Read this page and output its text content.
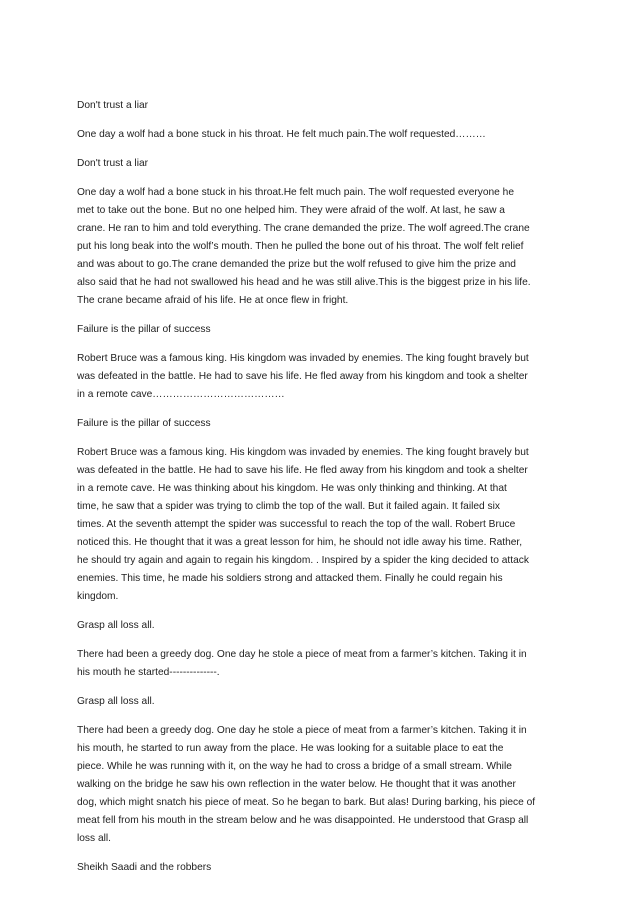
Don't trust a liar
One day a wolf had a bone stuck in his throat. He felt much pain.The wolf requested………
Don't trust a liar
One day a wolf had a bone stuck in his throat.He felt much pain. The wolf requested everyone he
met to take out the bone. But no one helped him. They were afraid of the wolf. At last, he saw a
crane. He ran to him and told everything. The crane demanded the prize. The wolf agreed.The crane
put his long beak into the wolf’s mouth. Then he pulled the bone out of his throat. The wolf felt relief
and was about to go.The crane demanded the prize but the wolf refused to give him the prize and
also said that he had not swallowed his head and he was still alive.This is the biggest prize in his life.
The crane became afraid of his life. He at once flew in fright.
Failure is the pillar of success
Robert Bruce was a famous king. His kingdom was invaded by enemies. The king fought bravely but
was defeated in the battle. He had to save his life. He fled away from his kingdom and took a shelter
in a remote cave…………………………………
Failure is the pillar of success
Robert Bruce was a famous king. His kingdom was invaded by enemies. The king fought bravely but
was defeated in the battle. He had to save his life. He fled away from his kingdom and took a shelter
in a remote cave. He was thinking about his kingdom. He was only thinking and thinking. At that
time, he saw that a spider was trying to climb the top of the wall. But it failed again. It failed six
times. At the seventh attempt the spider was successful to reach the top of the wall. Robert Bruce
noticed this. He thought that it was a great lesson for him, he should not idle away his time. Rather,
he should try again and again to regain his kingdom. . Inspired by a spider the king decided to attack
enemies. This time, he made his soldiers strong and attacked them. Finally he could regain his
kingdom.
Grasp all loss all.
There had been a greedy dog. One day he stole a piece of meat from a farmer’s kitchen. Taking it in
his mouth he started--------------.
Grasp all loss all.
There had been a greedy dog. One day he stole a piece of meat from a farmer’s kitchen. Taking it in
his mouth, he started to run away from the place. He was looking for a suitable place to eat the
piece. While he was running with it, on the way he had to cross a bridge of a small stream. While
walking on the bridge he saw his own reflection in the water below. He thought that it was another
dog, which might snatch his piece of meat. So he began to bark. But alas! During barking, his piece of
meat fell from his mouth in the stream below and he was disappointed. He understood that Grasp all
loss all.
Sheikh Saadi and the robbers
